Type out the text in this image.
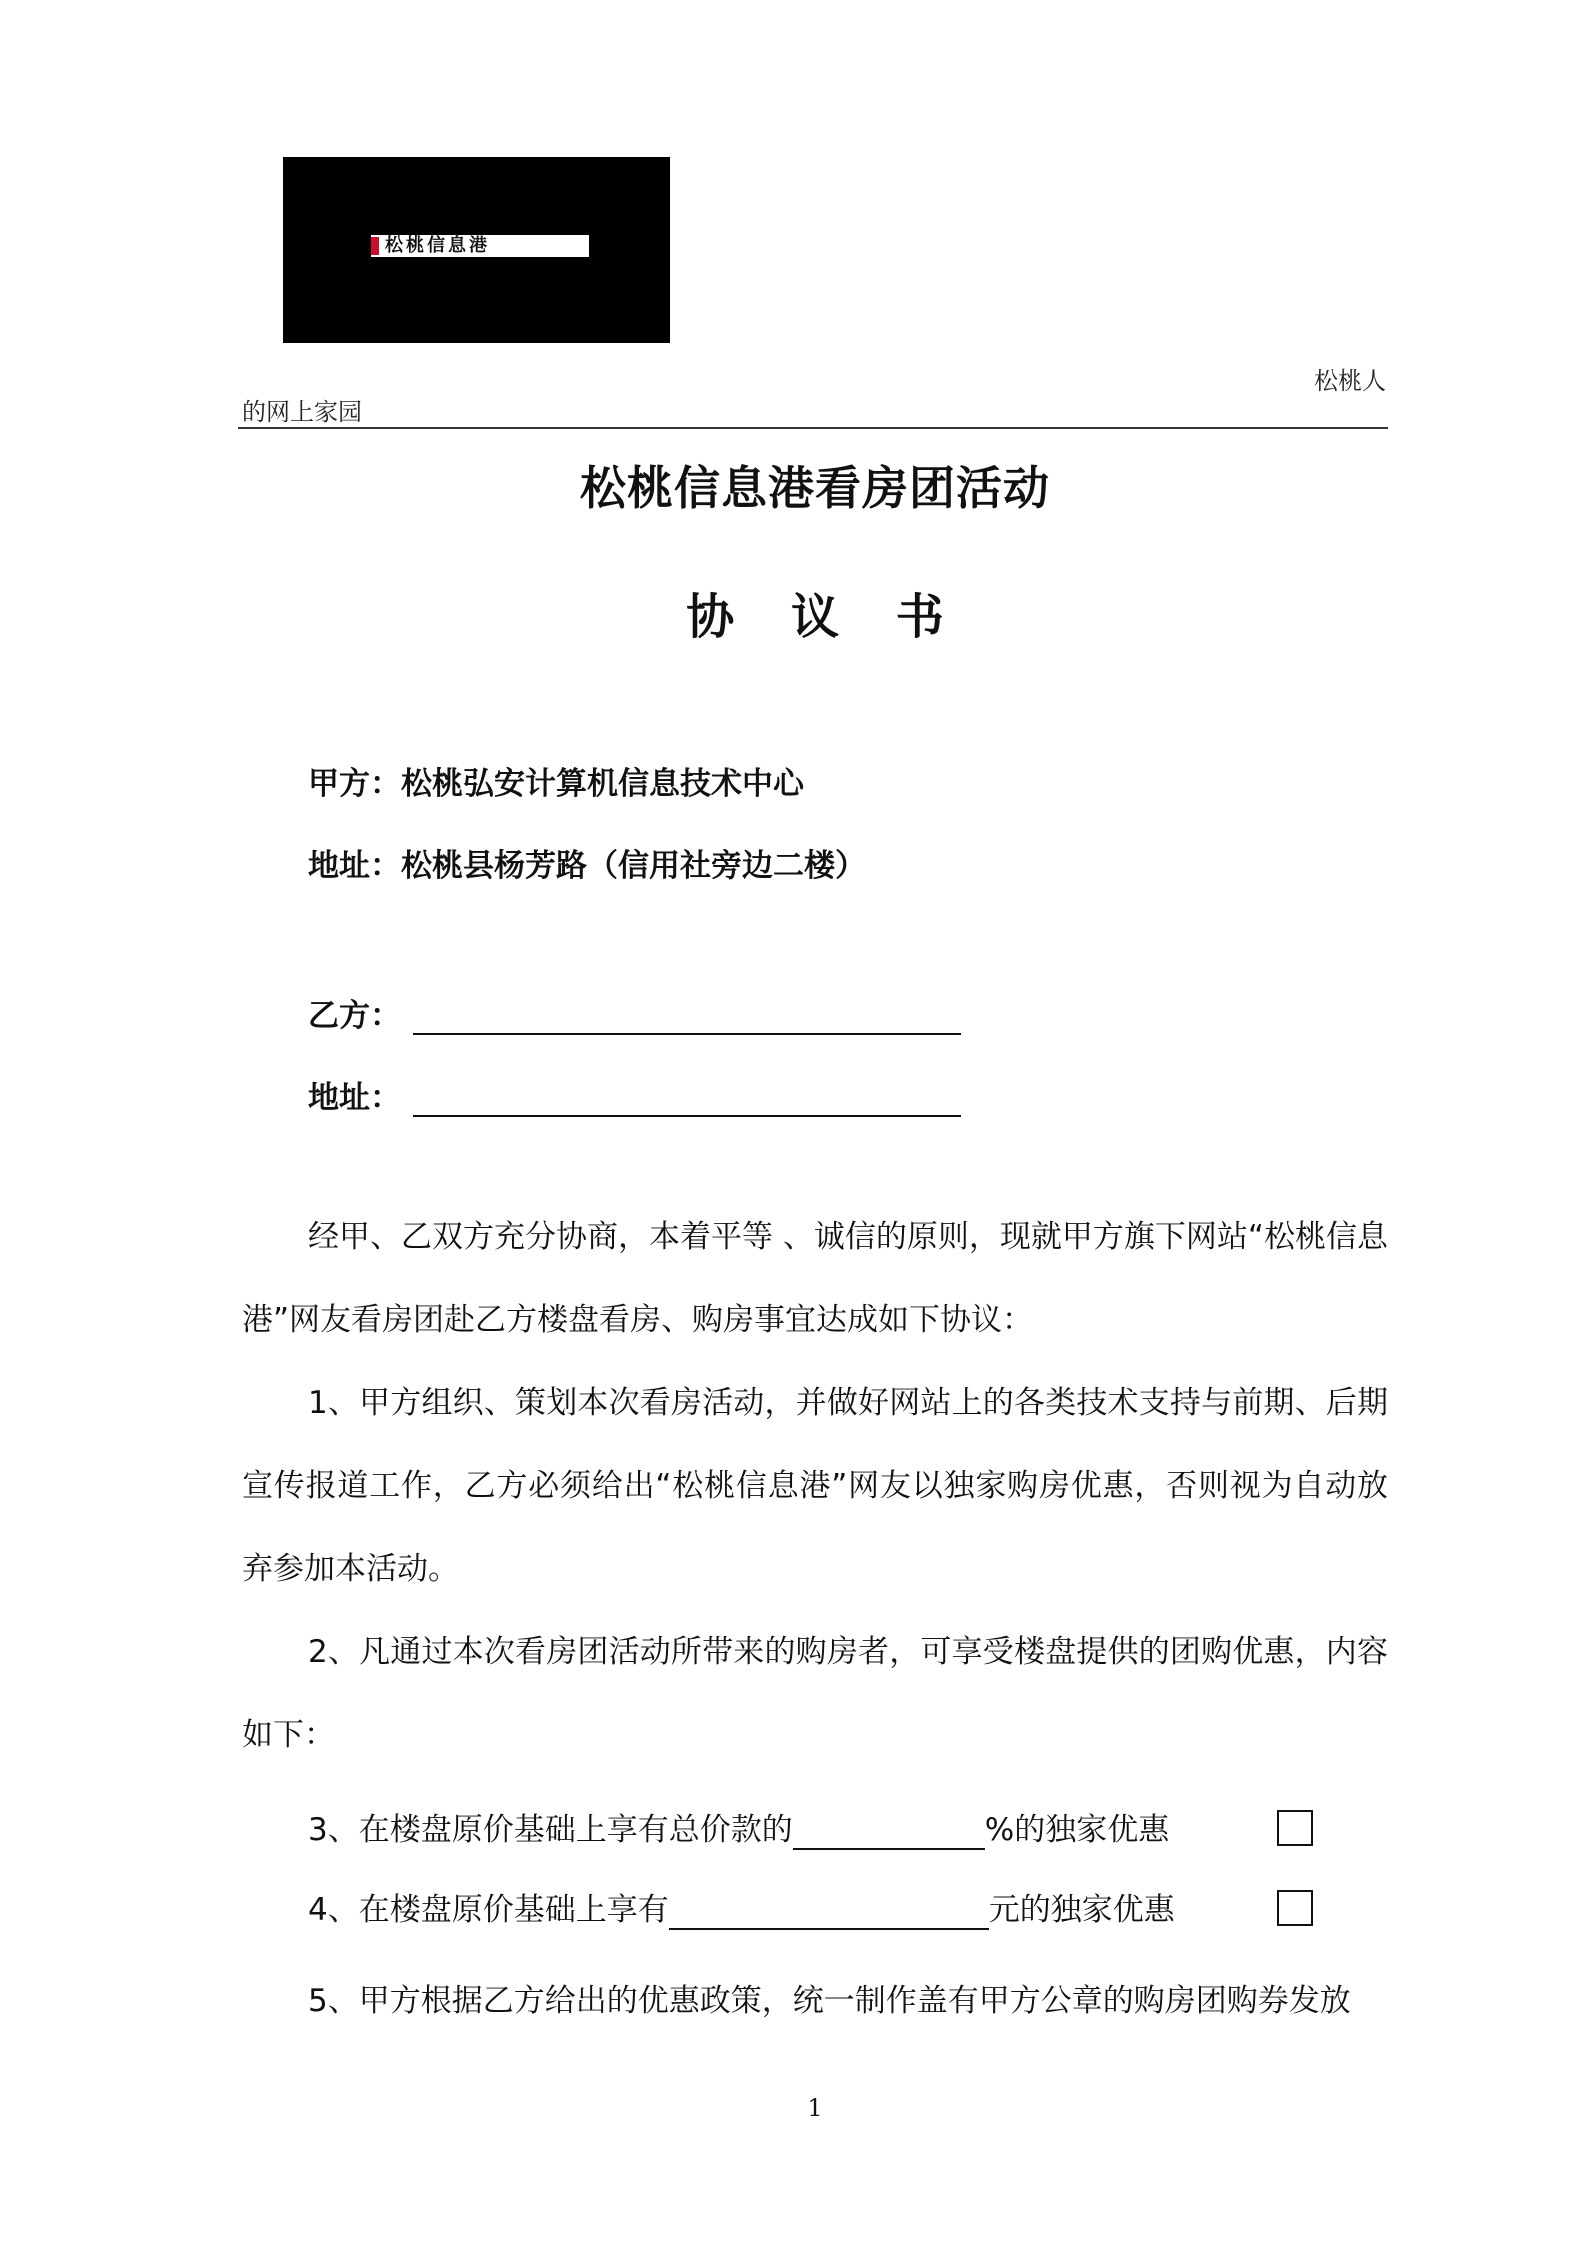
松桃信息港
松桃人
的网上家园
松桃信息港看房团活动
协 议 书
甲方：松桃弘安计算机信息技术中心
地址：松桃县杨芳路（信用社旁边二楼）
乙方：
地址：
经甲、乙双方充分协商，本着平等 、诚信的原则，现就甲方旗下网站“松桃信息港”网友看房团赴乙方楼盘看房、购房事宜达成如下协议：
1、甲方组织、策划本次看房活动，并做好网站上的各类技术支持与前期、后期宣传报道工作，乙方必须给出“松桃信息港”网友以独家购房优惠，否则视为自动放弃参加本活动。
2、凡通过本次看房团活动所带来的购房者，可享受楼盘提供的团购优惠，内容如下：
3、在楼盘原价基础上享有总价款的	%的独家优惠
4、在楼盘原价基础上享有	元的独家优惠
5、甲方根据乙方给出的优惠政策，统一制作盖有甲方公章的购房团购券发放
1
